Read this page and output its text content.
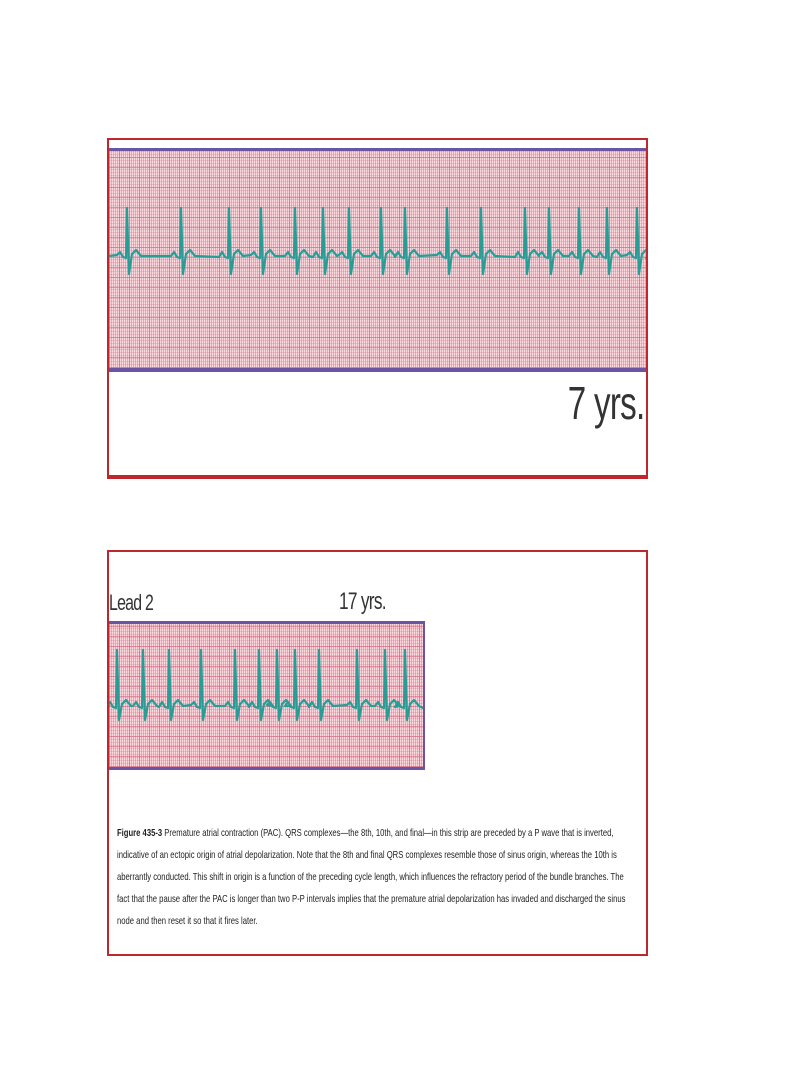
7 yrs.
Lead 2	17 yrs.

Figure 435-3 Premature atrial contraction (PAC). QRS complexes—the 8th, 10th, and final—in this strip are preceded by a P wave that is inverted, indicative of an ectopic origin of atrial depolarization. Note that the 8th and final QRS complexes resemble those of sinus origin, whereas the 10th is aberrantly conducted. This shift in origin is a function of the preceding cycle length, which influences the refractory period of the bundle branches. The fact that the pause after the PAC is longer than two P-P intervals implies that the premature atrial depolarization has invaded and discharged the sinus node and then reset it so that it fires later.
